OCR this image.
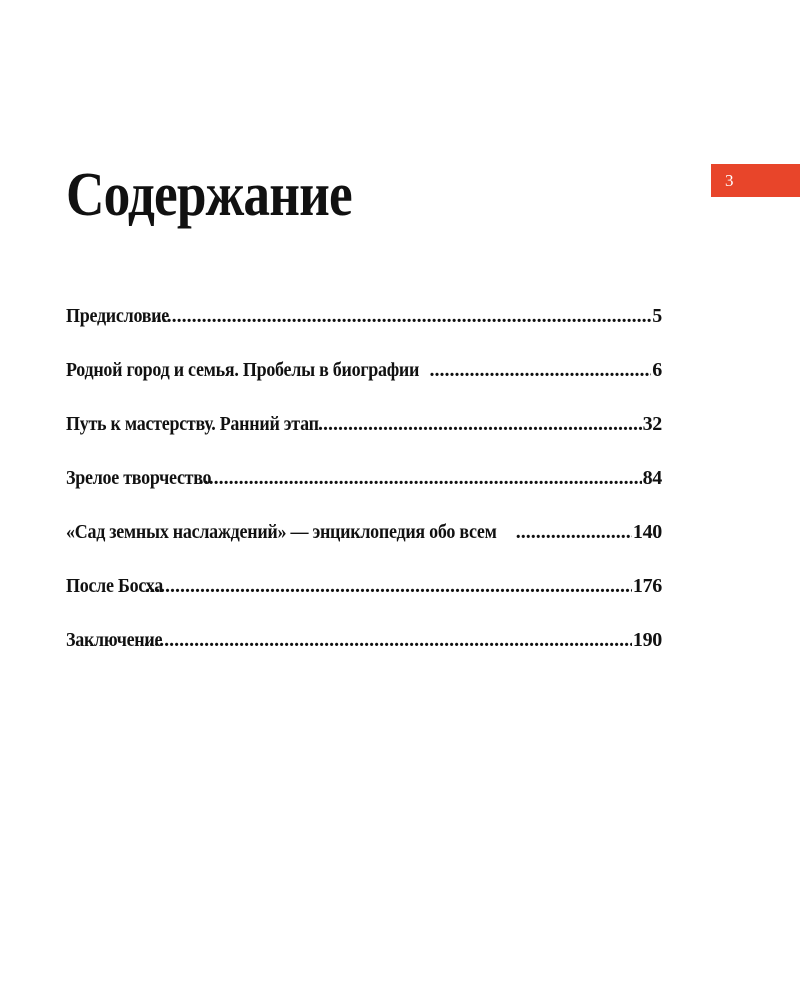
3
Содержание
Предисловие .....	5
Родной город и семья. Пробелы в биографии .....	6
Путь к мастерству. Ранний этап .....	32
Зрелое творчество .....	84
«Сад земных наслаждений» — энциклопедия обо всем .....	140
После Босха .....	176
Заключение .....	190
